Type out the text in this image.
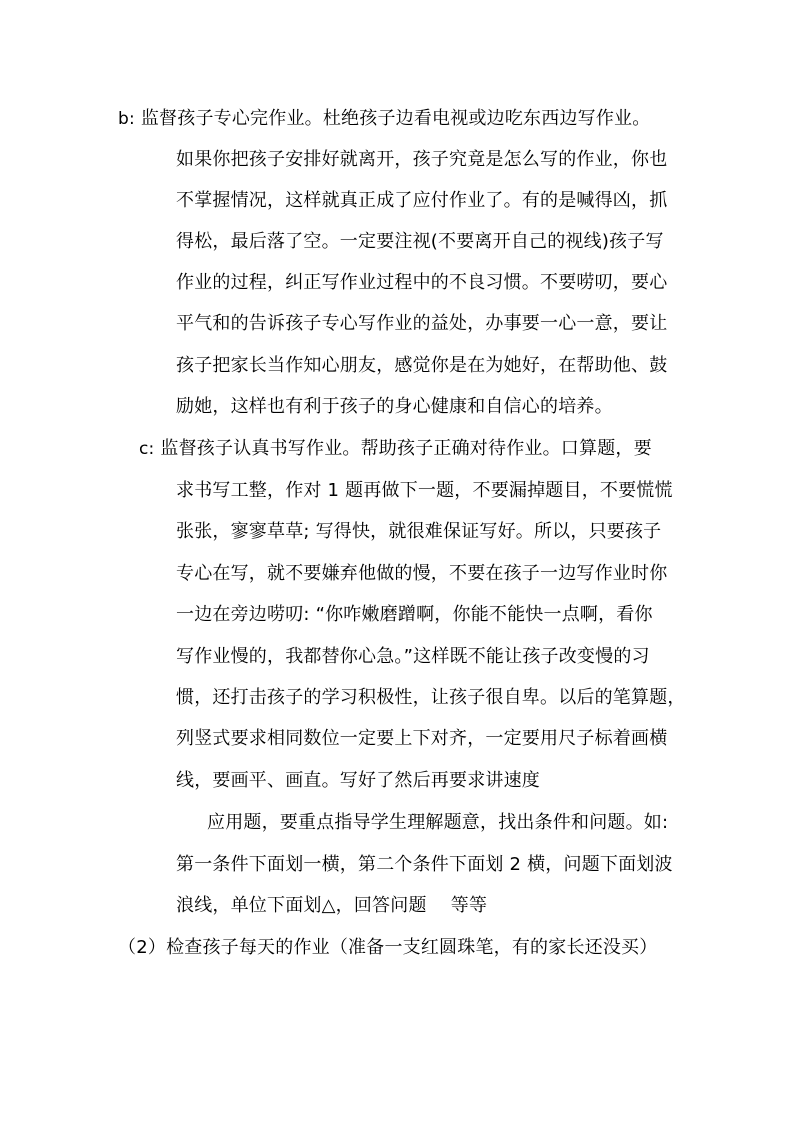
b: 监督孩子专心完作业。杜绝孩子边看电视或边吃东西边写作业。
如果你把孩子安排好就离开，孩子究竟是怎么写的作业，你也
不掌握情况，这样就真正成了应付作业了。有的是喊得凶，抓
得松，最后落了空。一定要注视(不要离开自己的视线)孩子写
作业的过程，纠正写作业过程中的不良习惯。不要唠叨，要心
平气和的告诉孩子专心写作业的益处，办事要一心一意，要让
孩子把家长当作知心朋友，感觉你是在为她好，在帮助他、鼓
励她，这样也有利于孩子的身心健康和自信心的培养。
c: 监督孩子认真书写作业。帮助孩子正确对待作业。口算题，要
求书写工整，作对 1 题再做下一题，不要漏掉题目，不要慌慌
张张，寥寥草草; 写得快，就很难保证写好。所以，只要孩子
专心在写，就不要嫌弃他做的慢，不要在孩子一边写作业时你
一边在旁边唠叨: “你咋嫩磨蹭啊，你能不能快一点啊，看你
写作业慢的，我都替你心急。”这样既不能让孩子改变慢的习
惯，还打击孩子的学习积极性，让孩子很自卑。以后的笔算题，
列竖式要求相同数位一定要上下对齐，一定要用尺子标着画横
线，要画平、画直。写好了然后再要求讲速度
应用题，要重点指导学生理解题意，找出条件和问题。如:
第一条件下面划一横，第二个条件下面划 2 横，问题下面划波
浪线，单位下面划△，回答问题　 等等
（2）检查孩子每天的作业（准备一支红圆珠笔，有的家长还没买）
